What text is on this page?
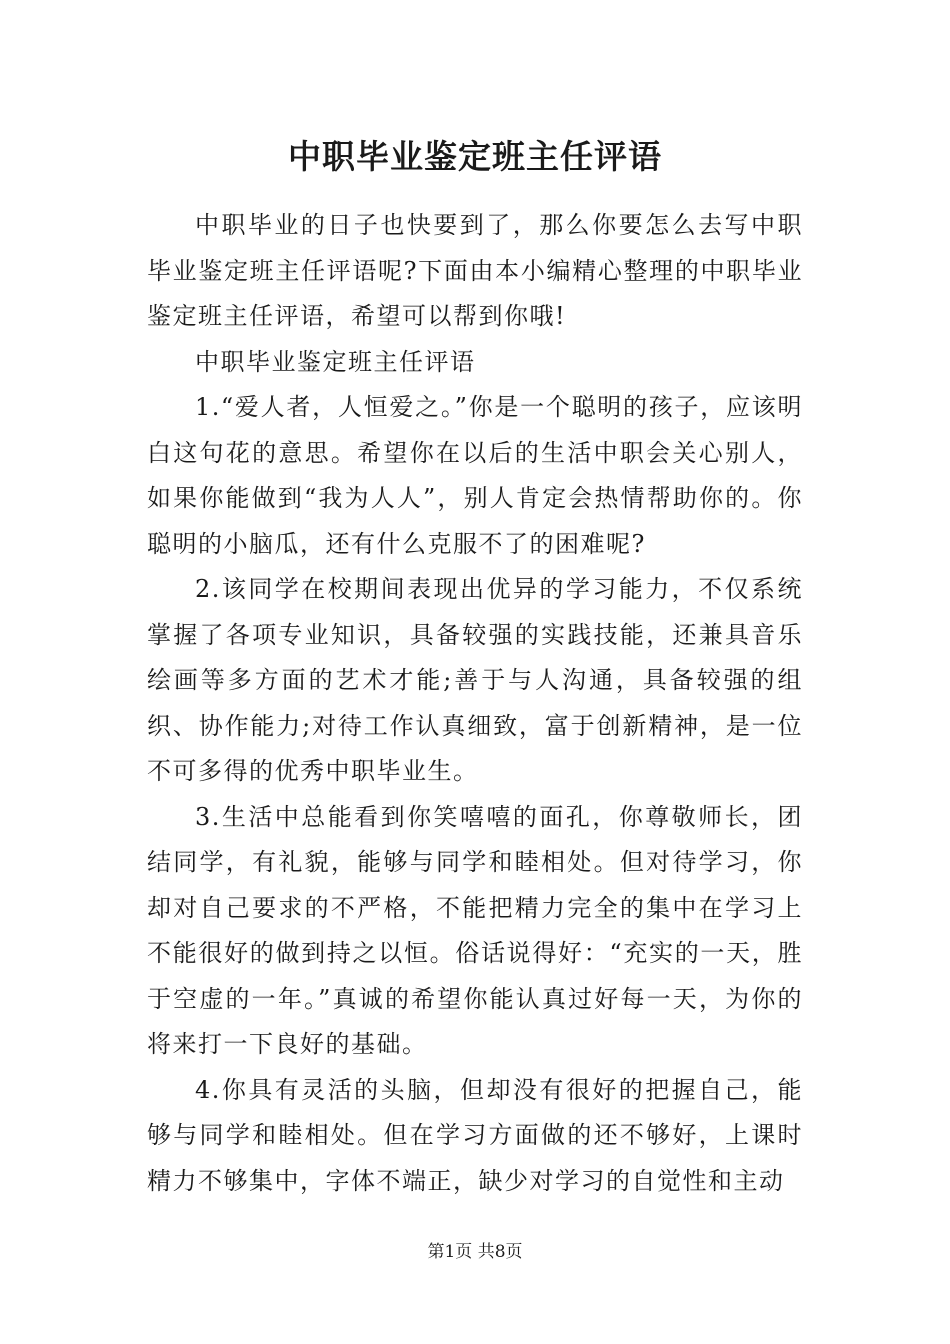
中职毕业鉴定班主任评语

中职毕业的日子也快要到了，那么你要怎么去写中职毕业鉴定班主任评语呢?下面由本小编精心整理的中职毕业鉴定班主任评语，希望可以帮到你哦!

中职毕业鉴定班主任评语

1.“爱人者，人恒爱之。”你是一个聪明的孩子，应该明白这句花的意思。希望你在以后的生活中职会关心别人，如果你能做到“我为人人”，别人肯定会热情帮助你的。你聪明的小脑瓜，还有什么克服不了的困难呢?

2.该同学在校期间表现出优异的学习能力，不仅系统掌握了各项专业知识，具备较强的实践技能，还兼具音乐绘画等多方面的艺术才能;善于与人沟通，具备较强的组织、协作能力;对待工作认真细致，富于创新精神，是一位不可多得的优秀中职毕业生。

3.生活中总能看到你笑嘻嘻的面孔，你尊敬师长，团结同学，有礼貌，能够与同学和睦相处。但对待学习，你却对自己要求的不严格，不能把精力完全的集中在学习上不能很好的做到持之以恒。俗话说得好：“充实的一天，胜于空虚的一年。”真诚的希望你能认真过好每一天，为你的将来打一下良好的基础。

4.你具有灵活的头脑，但却没有很好的把握自己，能够与同学和睦相处。但在学习方面做的还不够好，上课时精力不够集中，字体不端正，缺少对学习的自觉性和主动

第1页 共8页
